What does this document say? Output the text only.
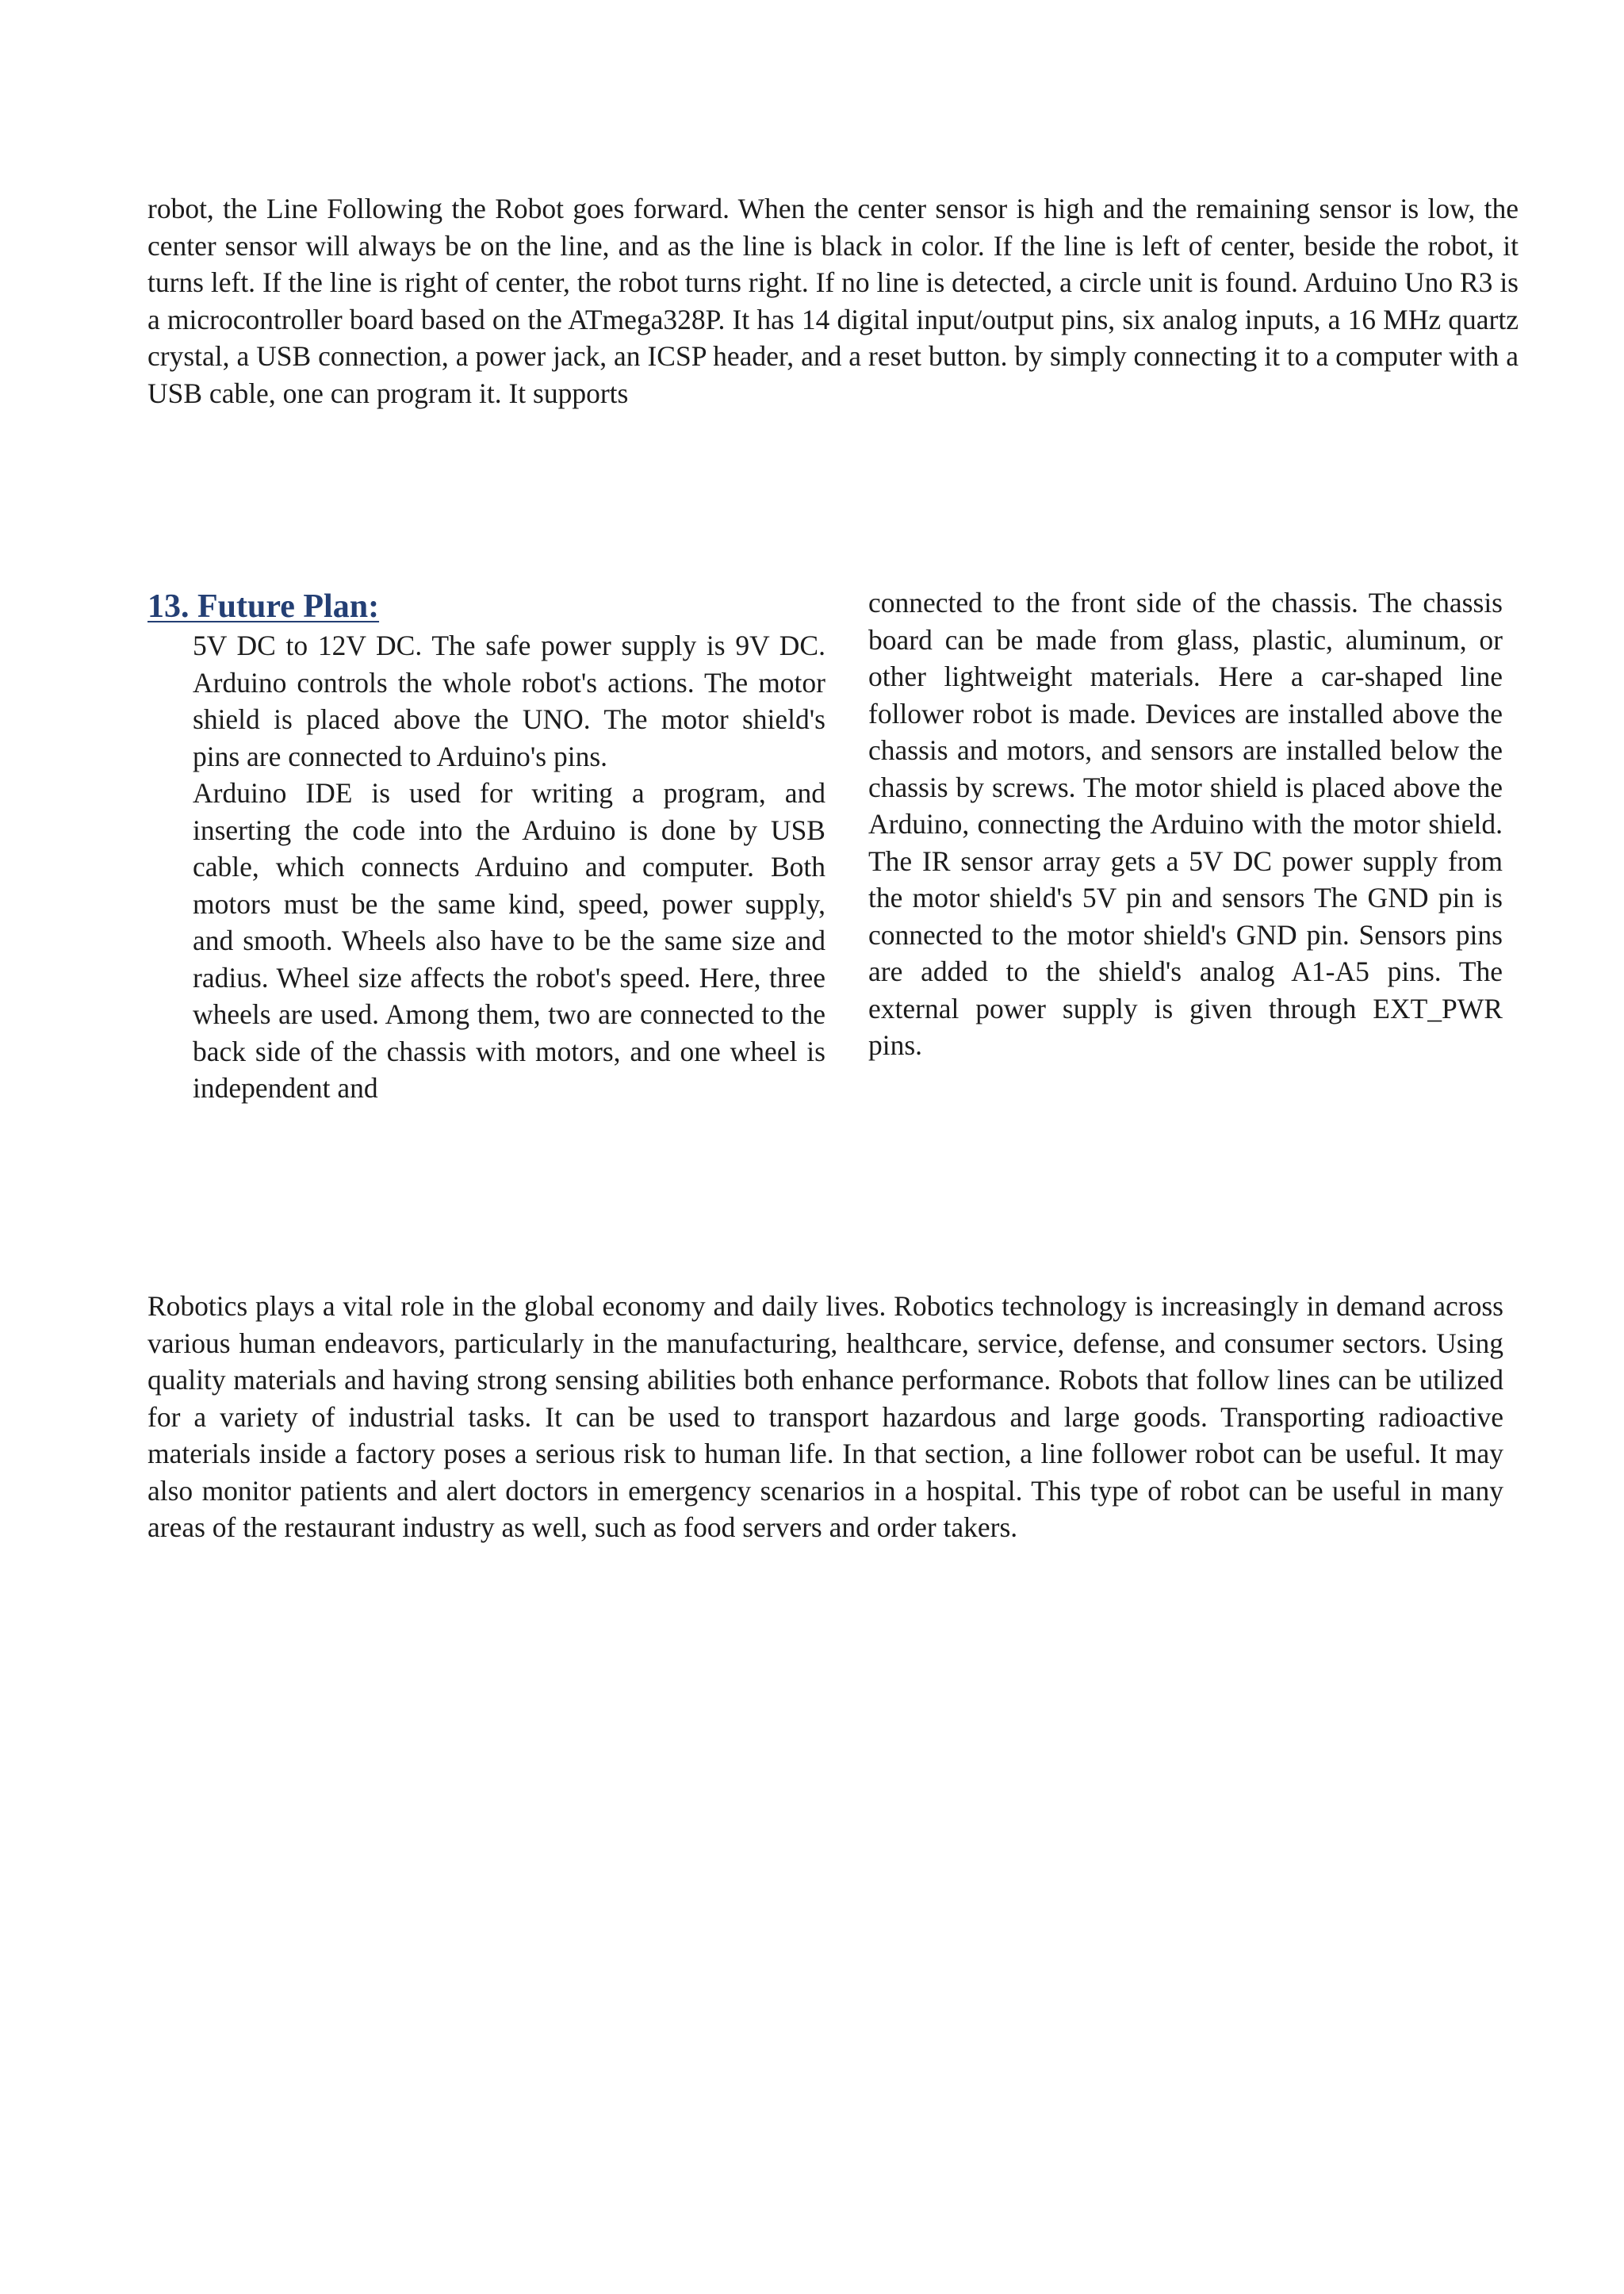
robot, the Line Following the Robot goes forward. When the center sensor is high and the remaining sensor is low, the center sensor will always be on the line, and as the line is black in color. If the line is left of center, beside the robot, it turns left. If the line is right of center, the robot turns right. If no line is detected, a circle unit is found. Arduino Uno R3 is a microcontroller board based on the ATmega328P. It has 14 digital input/output pins, six analog inputs, a 16 MHz quartz crystal, a USB connection, a power jack, an ICSP header, and a reset button. by simply connecting it to a computer with a USB cable, one can program it. It supports

13. Future Plan:

5V DC to 12V DC. The safe power supply is 9V DC. Arduino controls the whole robot's actions. The motor shield is placed above the UNO. The motor shield's pins are connected to Arduino's pins.

Arduino IDE is used for writing a program, and inserting the code into the Arduino is done by USB cable, which connects Arduino and computer. Both motors must be the same kind, speed, power supply, and smooth. Wheels also have to be the same size and radius. Wheel size affects the robot's speed. Here, three wheels are used. Among them, two are connected to the back side of the chassis with motors, and one wheel is independent and

connected to the front side of the chassis. The chassis board can be made from glass, plastic, aluminum, or other lightweight materials. Here a car-shaped line follower robot is made. Devices are installed above the chassis and motors, and sensors are installed below the chassis by screws. The motor shield is placed above the Arduino, connecting the Arduino with the motor shield. The IR sensor array gets a 5V DC power supply from the motor shield's 5V pin and sensors The GND pin is connected to the motor shield's GND pin. Sensors pins are added to the shield's analog A1-A5 pins. The external power supply is given through EXT_PWR pins.

Robotics plays a vital role in the global economy and daily lives. Robotics technology is increasingly in demand across various human endeavors, particularly in the manufacturing, healthcare, service, defense, and consumer sectors. Using quality materials and having strong sensing abilities both enhance performance. Robots that follow lines can be utilized for a variety of industrial tasks. It can be used to transport hazardous and large goods. Transporting radioactive materials inside a factory poses a serious risk to human life. In that section, a line follower robot can be useful. It may also monitor patients and alert doctors in emergency scenarios in a hospital. This type of robot can be useful in many areas of the restaurant industry as well, such as food servers and order takers.
